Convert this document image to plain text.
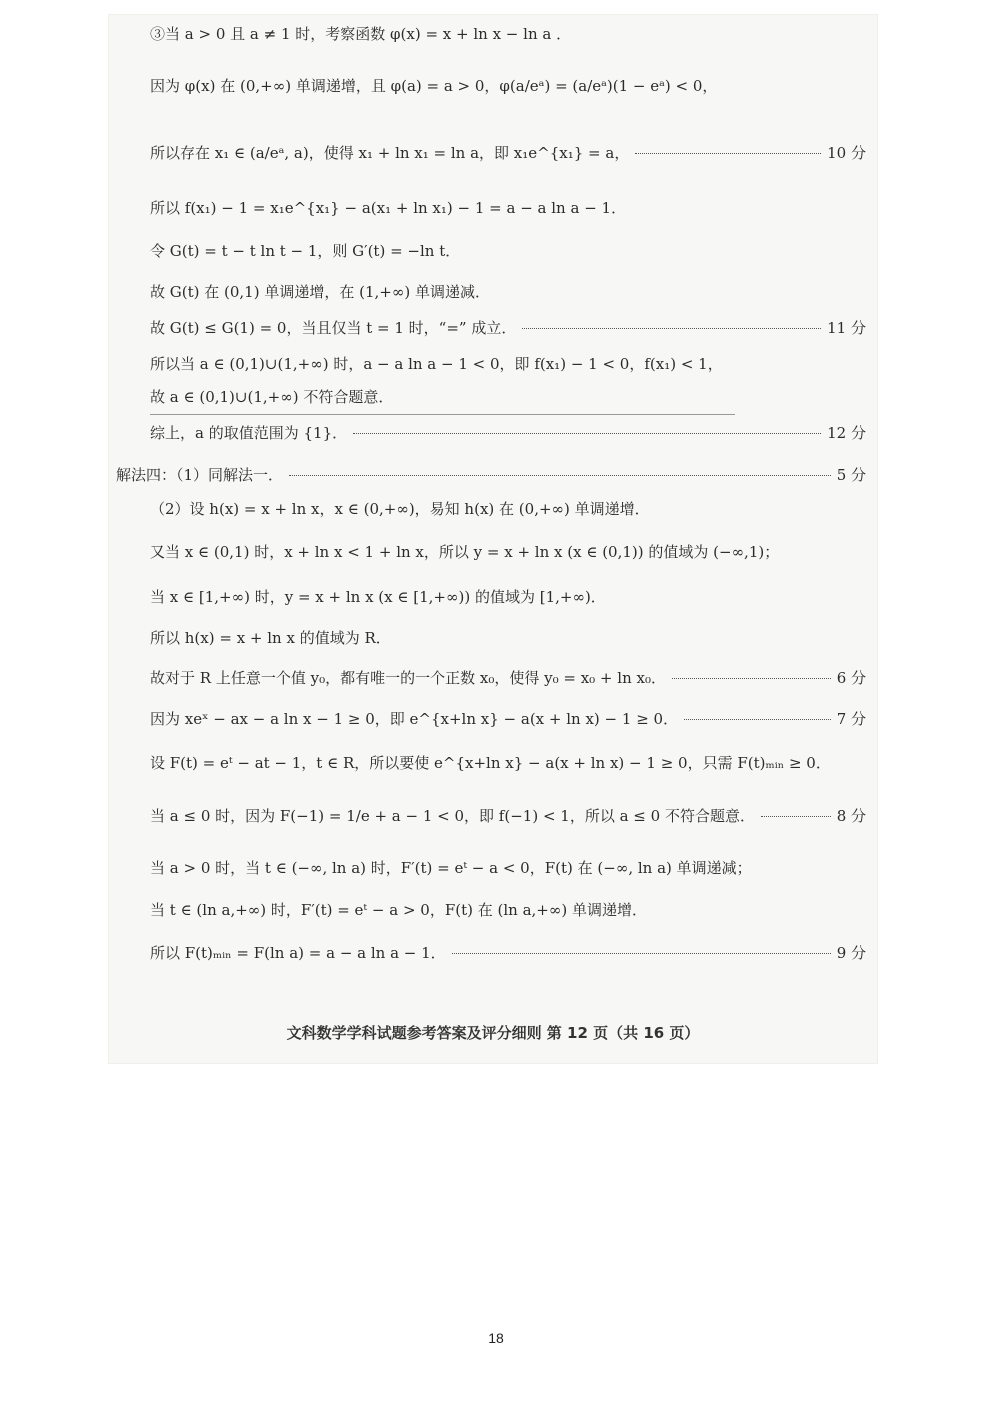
③当 a > 0 且 a ≠ 1 时，考察函数 φ(x) = x + ln x − ln a ．
因为 φ(x) 在 (0,+∞) 单调递增，且 φ(a) = a > 0，φ(a/eᵃ) = (a/eᵃ)(1 − eᵃ) < 0，
所以存在 x₁ ∈ (a/eᵃ, a)，使得 x₁ + ln x₁ = ln a，即 x₁e^{x₁} = a，	10 分
所以 f(x₁) − 1 = x₁e^{x₁} − a(x₁ + ln x₁) − 1 = a − a ln a − 1．
令 G(t) = t − t ln t − 1，则 G′(t) = −ln t．
故 G(t) 在 (0,1) 单调递增，在 (1,+∞) 单调递减．
故 G(t) ≤ G(1) = 0，当且仅当 t = 1 时，“=” 成立．	11 分
所以当 a ∈ (0,1)∪(1,+∞) 时，a − a ln a − 1 < 0，即 f(x₁) − 1 < 0，f(x₁) < 1，
故 a ∈ (0,1)∪(1,+∞) 不符合题意．
综上，a 的取值范围为 {1}．	12 分
解法四：（1）同解法一．	5 分
（2）设 h(x) = x + ln x，x ∈ (0,+∞)，易知 h(x) 在 (0,+∞) 单调递增．
又当 x ∈ (0,1) 时，x + ln x < 1 + ln x，所以 y = x + ln x (x ∈ (0,1)) 的值域为 (−∞,1)；
当 x ∈ [1,+∞) 时，y = x + ln x (x ∈ [1,+∞)) 的值域为 [1,+∞)．
所以 h(x) = x + ln x 的值域为 R．
故对于 R 上任意一个值 y₀，都有唯一的一个正数 x₀，使得 y₀ = x₀ + ln x₀．	6 分
因为 xeˣ − ax − a ln x − 1 ≥ 0，即 e^{x+ln x} − a(x + ln x) − 1 ≥ 0．	7 分
设 F(t) = eᵗ − at − 1，t ∈ R，所以要使 e^{x+ln x} − a(x + ln x) − 1 ≥ 0，只需 F(t)ₘᵢₙ ≥ 0．
当 a ≤ 0 时，因为 F(−1) = 1/e + a − 1 < 0，即 f(−1) < 1，所以 a ≤ 0 不符合题意．	8 分
当 a > 0 时，当 t ∈ (−∞, ln a) 时，F′(t) = eᵗ − a < 0，F(t) 在 (−∞, ln a) 单调递减；
当 t ∈ (ln a,+∞) 时，F′(t) = eᵗ − a > 0，F(t) 在 (ln a,+∞) 单调递增．
所以 F(t)ₘᵢₙ = F(ln a) = a − a ln a − 1．	9 分
文科数学学科试题参考答案及评分细则 第 12 页（共 16 页）
18
